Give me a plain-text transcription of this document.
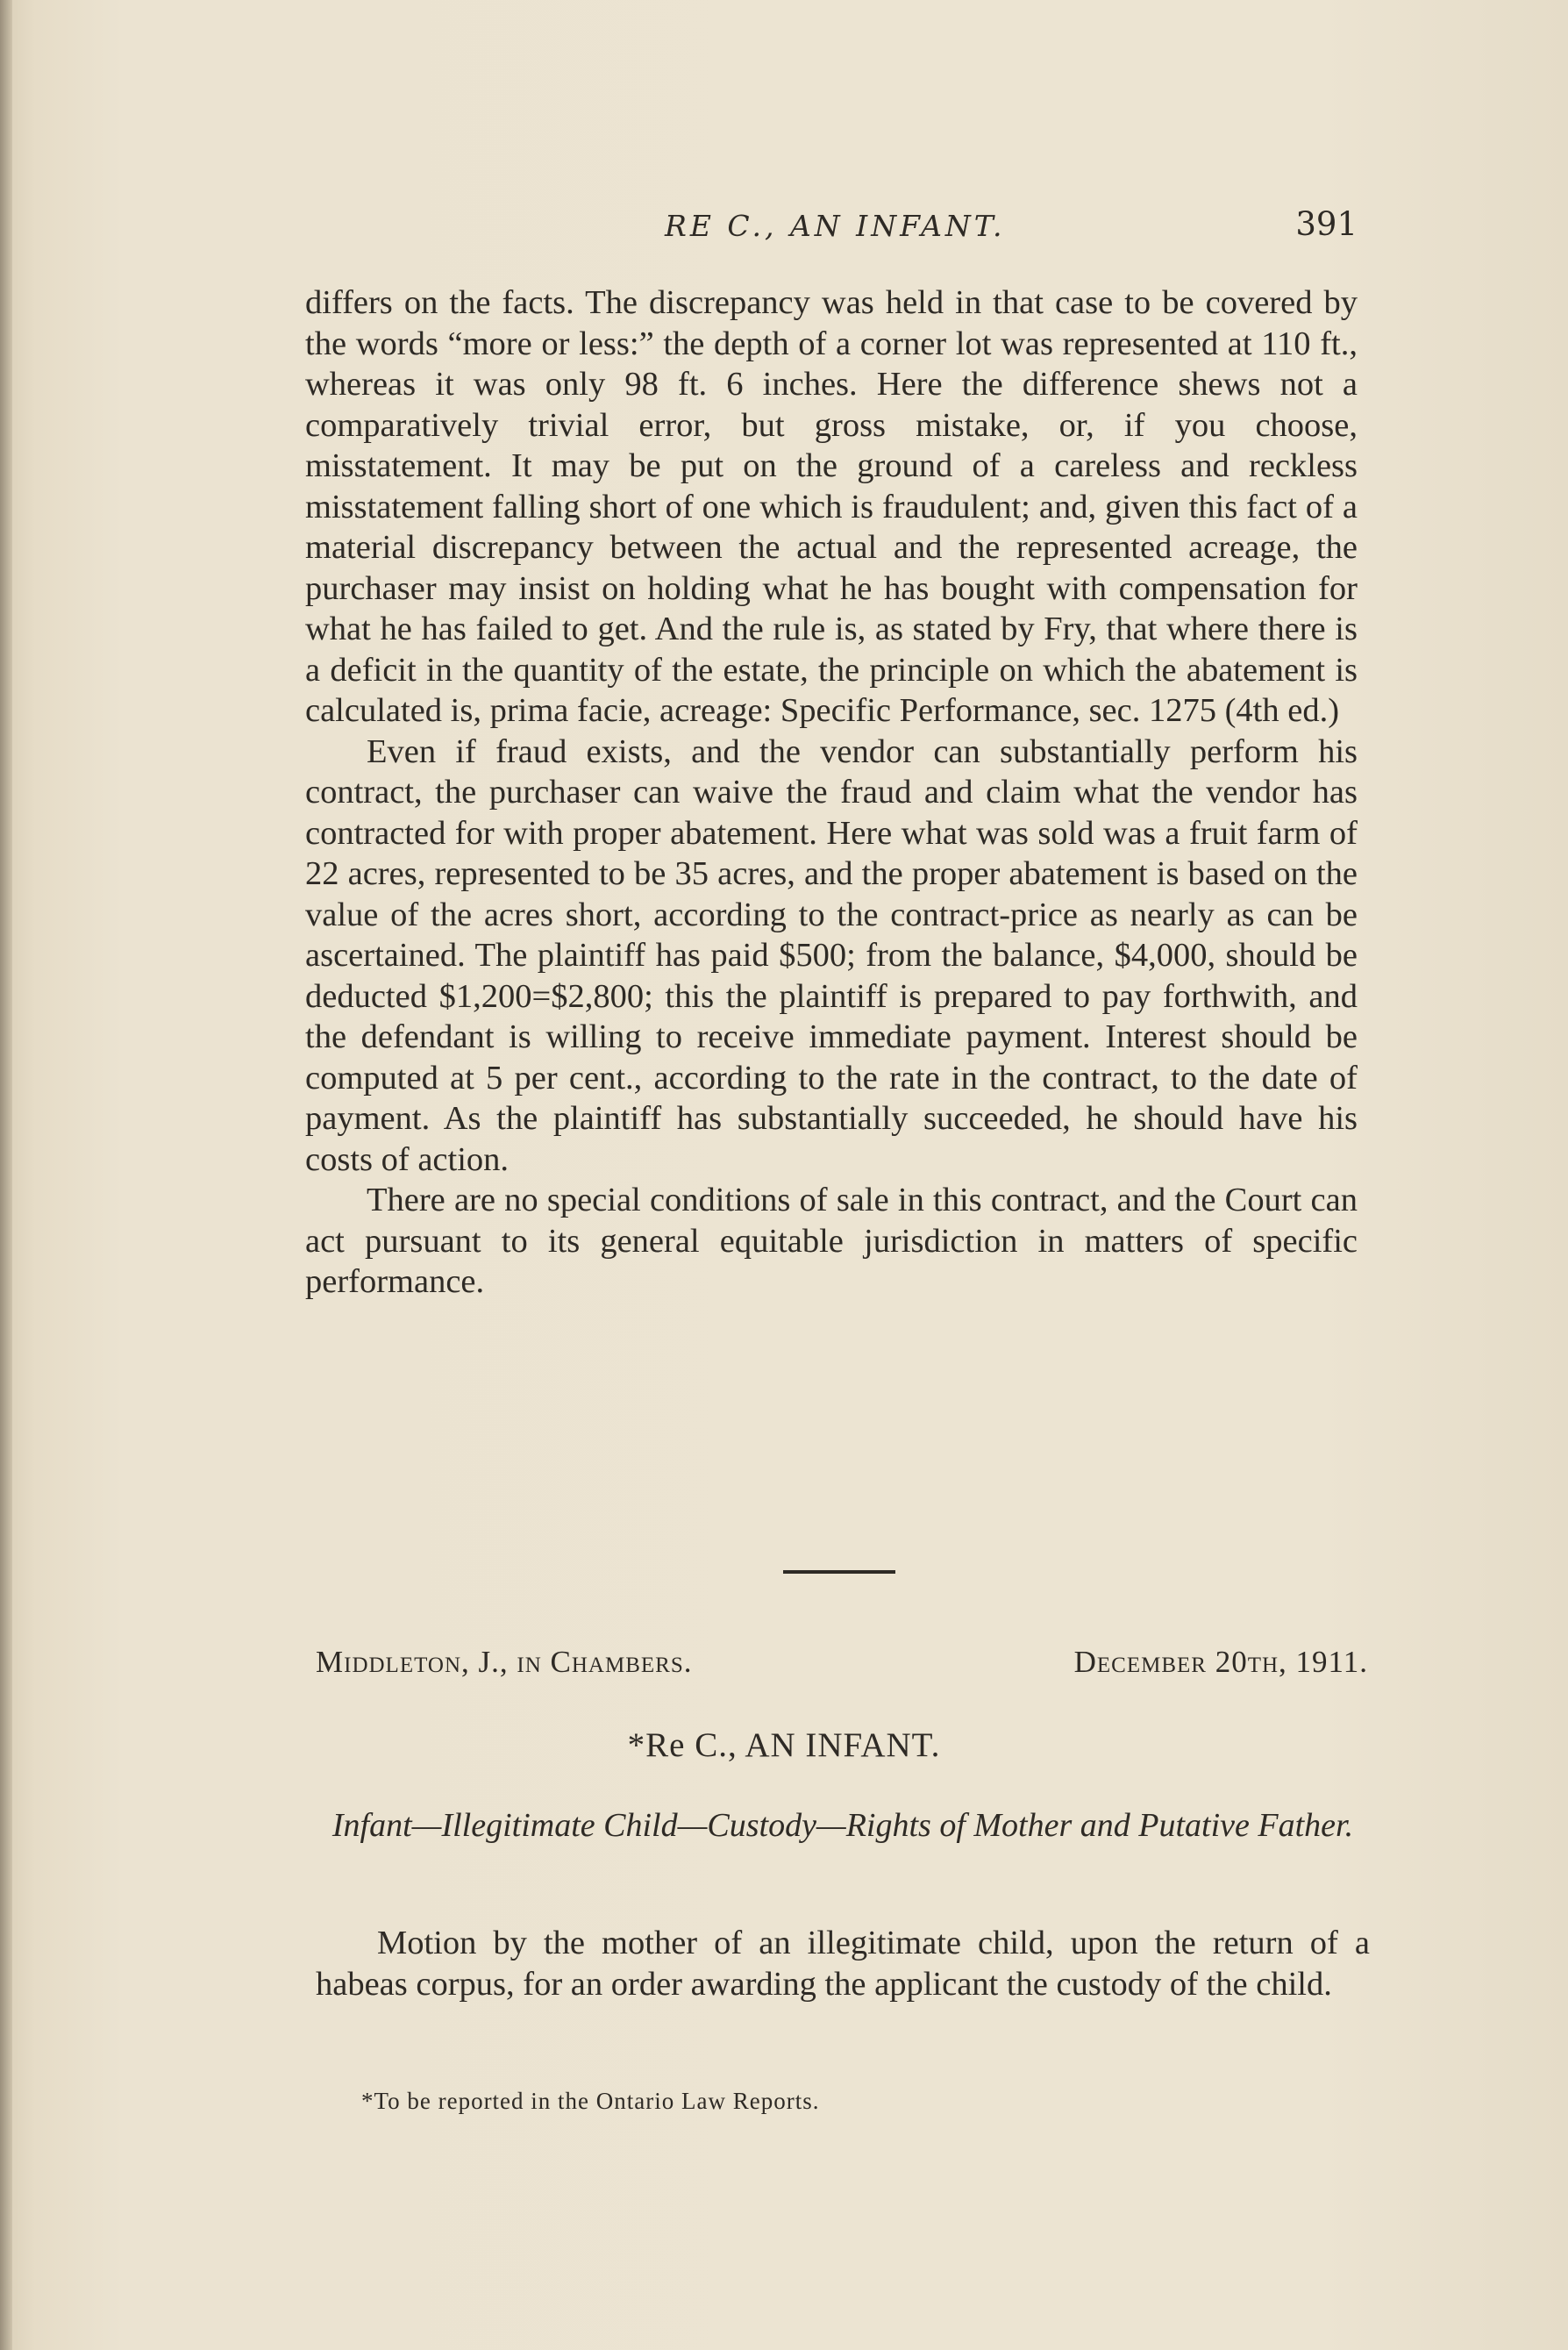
RE C., AN INFANT.	391

differs on the facts. The discrepancy was held in that case to be covered by the words “more or less:” the depth of a corner lot was represented at 110 ft., whereas it was only 98 ft. 6 inches. Here the difference shews not a comparatively trivial error, but gross mistake, or, if you choose, misstatement. It may be put on the ground of a careless and reckless misstatement falling short of one which is fraudulent; and, given this fact of a material discrepancy between the actual and the represented acreage, the purchaser may insist on holding what he has bought with compensation for what he has failed to get. And the rule is, as stated by Fry, that where there is a deficit in the quantity of the estate, the principle on which the abatement is calculated is, prima facie, acreage: Specific Performance, sec. 1275 (4th ed.)

Even if fraud exists, and the vendor can substantially perform his contract, the purchaser can waive the fraud and claim what the vendor has contracted for with proper abatement. Here what was sold was a fruit farm of 22 acres, represented to be 35 acres, and the proper abatement is based on the value of the acres short, according to the contract-price as nearly as can be ascertained. The plaintiff has paid $500; from the balance, $4,000, should be deducted $1,200=$2,800; this the plaintiff is prepared to pay forthwith, and the defendant is willing to receive immediate payment. Interest should be computed at 5 per cent., according to the rate in the contract, to the date of payment. As the plaintiff has substantially succeeded, he should have his costs of action.

There are no special conditions of sale in this contract, and the Court can act pursuant to its general equitable jurisdiction in matters of specific performance.

Middleton, J., in Chambers.	December 20th, 1911.
*Re C., AN INFANT.
Infant—Illegitimate Child—Custody—Rights of Mother and Putative Father.
Motion by the mother of an illegitimate child, upon the return of a habeas corpus, for an order awarding the applicant the custody of the child.
*To be reported in the Ontario Law Reports.
